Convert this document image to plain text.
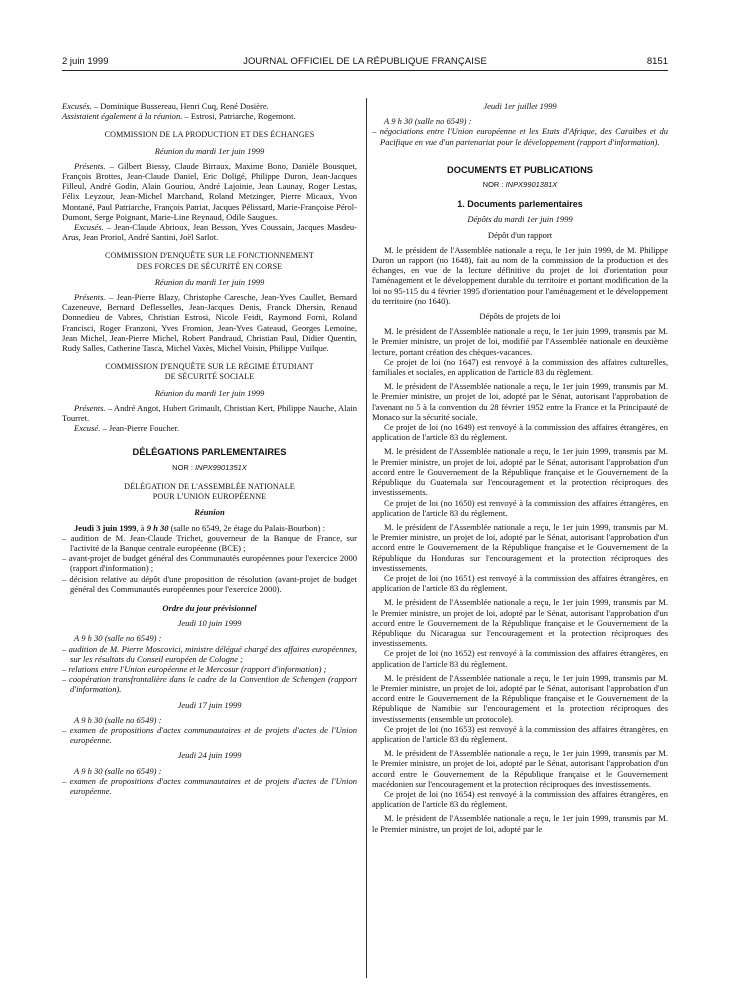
2 juin 1999	JOURNAL OFFICIEL DE LA RÉPUBLIQUE FRANÇAISE	8151

Excusés. – Dominique Bussereau, Henri Cuq, René Dosière.

Assistaient également à la réunion. – Estrosi, Patriarche, Rogemont.

COMMISSION DE LA PRODUCTION ET DES ÉCHANGES

Réunion du mardi 1er juin 1999

Présents. – Gilbert Biessy, Claude Birraux, Maxime Bono, Danièle Bousquet, François Brottes, Jean-Claude Daniel, Eric Doligé, Philippe Duron, Jean-Jacques Filleul, André Godin, Alain Gouriou, André Lajoinie, Jean Launay, Roger Lestas, Félix Leyzour, Jean-Michel Marchand, Roland Metzinger, Pierre Micaux, Yvon Montané, Paul Patriarche, François Patriat, Jacques Pélissard, Marie-Françoise Pérol-Dumont, Serge Poignant, Marie-Line Reynaud, Odile Saugues.

Excusés. – Jean-Claude Abrioux, Jean Besson, Yves Coussain, Jacques Masdeu-Arus, Jean Proriol, André Santini, Joël Sarlot.

COMMISSION D'ENQUÊTE SUR LE FONCTIONNEMENT

DES FORCES DE SÉCURITÉ EN CORSE

Réunion du mardi 1er juin 1999

Présents. – Jean-Pierre Blazy, Christophe Caresche, Jean-Yves Caullet, Bernard Cazeneuve, Bernard Deflesselles, Jean-Jacques Denis, Franck Dhersin, Renaud Donnedieu de Vabres, Christian Estrosi, Nicole Feidt, Raymond Forni, Roland Francisci, Roger Franzoni, Yves Fromion, Jean-Yves Gateaud, Georges Lemoine, Jean Michel, Jean-Pierre Michel, Robert Pandraud, Christian Paul, Didier Quentin, Rudy Salles, Catherine Tasca, Michel Vaxès, Michel Voisin, Philippe Vuilque.

COMMISSION D'ENQUÊTE SUR LE RÉGIME ÉTUDIANT

DE SÉCURITÉ SOCIALE

Réunion du mardi 1er juin 1999

Présents. – André Angot, Hubert Grimault, Christian Kert, Philippe Nauche, Alain Tourret.

Excusé. – Jean-Pierre Foucher.

DÉLÉGATIONS PARLEMENTAIRES

NOR : INPX9901351X

DÉLÉGATION DE L'ASSEMBLÉE NATIONALE

POUR L'UNION EUROPÉENNE

Réunion

Jeudi 3 juin 1999, à 9 h 30 (salle no 6549, 2e étage du Palais-Bourbon) :

– audition de M. Jean-Claude Trichet, gouverneur de la Banque de France, sur l'activité de la Banque centrale européenne (BCE) ;

– avant-projet de budget général des Communautés européennes pour l'exercice 2000 (rapport d'information) ;

– décision relative au dépôt d'une proposition de résolution (avant-projet de budget général des Communautés européennes pour l'exercice 2000).

Ordre du jour prévisionnel

Jeudi 10 juin 1999

A 9 h 30 (salle no 6549) :

– audition de M. Pierre Moscovici, ministre délégué chargé des affaires européennes, sur les résultats du Conseil européen de Cologne ;

– relations entre l'Union européenne et le Mercosur (rapport d'information) ;

– coopération transfrontalière dans le cadre de la Convention de Schengen (rapport d'information).

Jeudi 17 juin 1999

A 9 h 30 (salle no 6549) :

– examen de propositions d'actes communautaires et de projets d'actes de l'Union européenne.

Jeudi 24 juin 1999

A 9 h 30 (salle no 6549) :

– examen de propositions d'actes communautaires et de projets d'actes de l'Union européenne.

Jeudi 1er juillet 1999

A 9 h 30 (salle no 6549) :

– négociations entre l'Union européenne et les Etats d'Afrique, des Caraïbes et du Pacifique en vue d'un partenariat pour le développement (rapport d'information).

DOCUMENTS ET PUBLICATIONS

NOR : INPX9901381X

1. Documents parlementaires

Dépôts du mardi 1er juin 1999

Dépôt d'un rapport

M. le président de l'Assemblée nationale a reçu, le 1er juin 1999, de M. Philippe Duron un rapport (no 1648), fait au nom de la commission de la production et des échanges, en vue de la lecture définitive du projet de loi d'orientation pour l'aménagement et le développement durable du territoire et portant modification de la loi no 95-115 du 4 février 1995 d'orientation pour l'aménagement et le développement du territoire (no 1640).

Dépôts de projets de loi

M. le président de l'Assemblée nationale a reçu, le 1er juin 1999, transmis par M. le Premier ministre, un projet de loi, modifié par l'Assemblée nationale en deuxième lecture, portant création des chèques-vacances.

Ce projet de loi (no 1647) est renvoyé à la commission des affaires culturelles, familiales et sociales, en application de l'article 83 du règlement.

M. le président de l'Assemblée nationale a reçu, le 1er juin 1999, transmis par M. le Premier ministre, un projet de loi, adopté par le Sénat, autorisant l'approbation de l'avenant no 5 à la convention du 28 février 1952 entre la France et la Principauté de Monaco sur la sécurité sociale.

Ce projet de loi (no 1649) est renvoyé à la commission des affaires étrangères, en application de l'article 83 du règlement.

M. le président de l'Assemblée nationale a reçu, le 1er juin 1999, transmis par M. le Premier ministre, un projet de loi, adopté par le Sénat, autorisant l'approbation d'un accord entre le Gouvernement de la République française et le Gouvernement de la République du Guatemala sur l'encouragement et la protection réciproques des investissements.

Ce projet de loi (no 1650) est renvoyé à la commission des affaires étrangères, en application de l'article 83 du règlement.

M. le président de l'Assemblée nationale a reçu, le 1er juin 1999, transmis par M. le Premier ministre, un projet de loi, adopté par le Sénat, autorisant l'approbation d'un accord entre le Gouvernement de la République française et le Gouvernement de la République du Honduras sur l'encouragement et la protection réciproques des investissements.

Ce projet de loi (no 1651) est renvoyé à la commission des affaires étrangères, en application de l'article 83 du règlement.

M. le président de l'Assemblée nationale a reçu, le 1er juin 1999, transmis par M. le Premier ministre, un projet de loi, adopté par le Sénat, autorisant l'approbation d'un accord entre le Gouvernement de la République française et le Gouvernement de la République du Nicaragua sur l'encouragement et la protection réciproques des investissements.

Ce projet de loi (no 1652) est renvoyé à la commission des affaires étrangères, en application de l'article 83 du règlement.

M. le président de l'Assemblée nationale a reçu, le 1er juin 1999, transmis par M. le Premier ministre, un projet de loi, adopté par le Sénat, autorisant l'approbation d'un accord entre le Gouvernement de la République française et le Gouvernement de la République de Namibie sur l'encouragement et la protection réciproques des investissements (ensemble un protocole).

Ce projet de loi (no 1653) est renvoyé à la commission des affaires étrangères, en application de l'article 83 du règlement.

M. le président de l'Assemblée nationale a reçu, le 1er juin 1999, transmis par M. le Premier ministre, un projet de loi, adopté par le Sénat, autorisant l'approbation d'un accord entre le Gouvernement de la République française et le Gouvernement macédonien sur l'encouragement et la protection réciproques des investissements.

Ce projet de loi (no 1654) est renvoyé à la commission des affaires étrangères, en application de l'article 83 du règlement.

M. le président de l'Assemblée nationale a reçu, le 1er juin 1999, transmis par M. le Premier ministre, un projet de loi, adopté par le
